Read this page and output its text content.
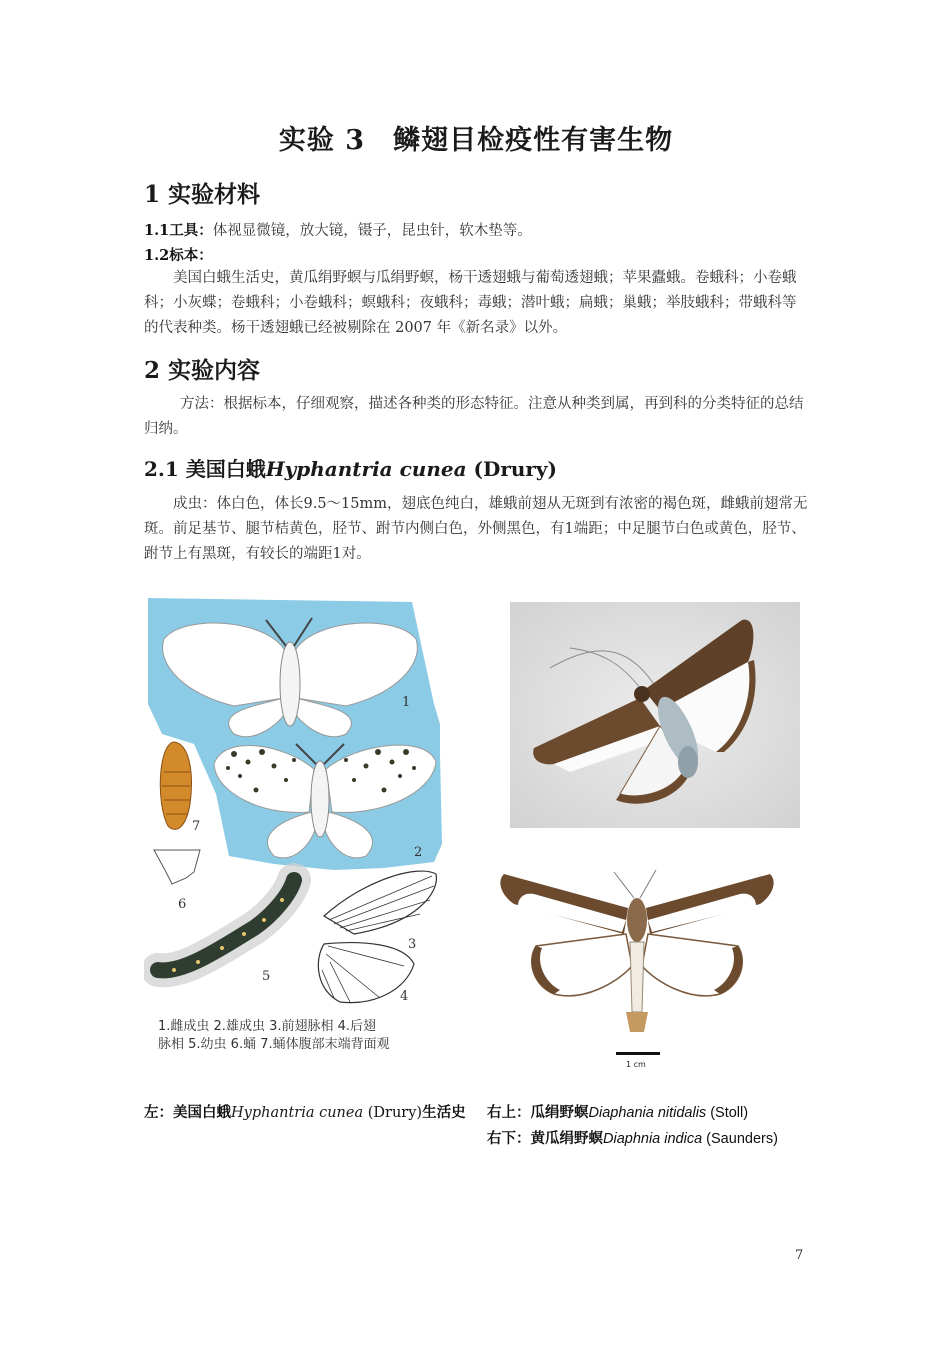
实验 3　鳞翅目检疫性有害生物
1 实验材料
1.1工具：体视显微镜，放大镜，镊子，昆虫针，软木垫等。
1.2标本：
美国白蛾生活史，黄瓜绢野螟与瓜绢野螟，杨干透翅蛾与葡萄透翅蛾；苹果蠹蛾。卷蛾科；小卷蛾科；小灰蝶；卷蛾科；小卷蛾科；螟蛾科；夜蛾科；毒蛾；潜叶蛾；扁蛾；巢蛾；举肢蛾科；带蛾科等的代表种类。杨干透翅蛾已经被剔除在 2007 年《新名录》以外。
2 实验内容
方法：根据标本，仔细观察，描述各种类的形态特征。注意从种类到属，再到科的分类特征的总结归纳。
2.1 美国白蛾Hyphantria cunea (Drury)
成虫：体白色，体长9.5～15mm，翅底色纯白，雄蛾前翅从无斑到有浓密的褐色斑，雌蛾前翅常无斑。前足基节、腿节桔黄色，胫节、跗节内侧白色，外侧黑色，有1端距；中足腿节白色或黄色，胫节、跗节上有黑斑，有较长的端距1对。
1
2
7
6
5
3
4
1.雌成虫 2.雄成虫 3.前翅脉相 4.后翅
脉相 5.幼虫 6.蛹 7.蛹体腹部末端背面观
1 cm
左：美国白蛾Hyphantria cunea (Drury)生活史 右上：瓜绢野螟Diaphania nitidalis (Stoll)
右下：黄瓜绢野螟Diaphnia indica (Saunders)
7
